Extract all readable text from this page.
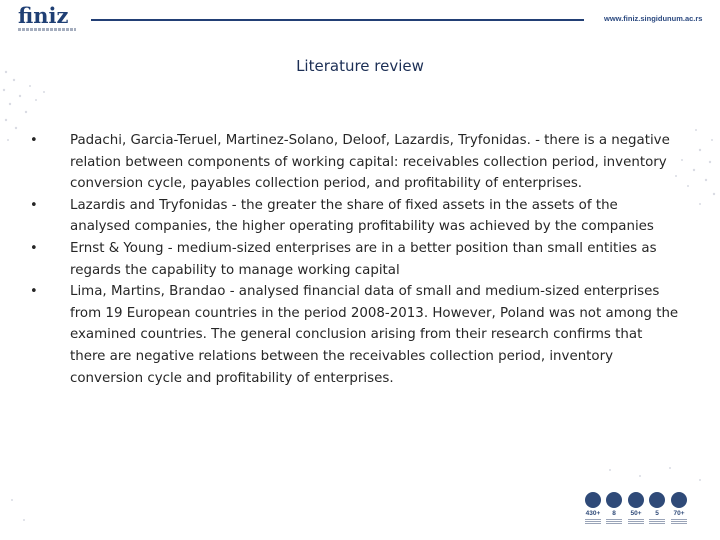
finiz	www.finiz.singidunum.ac.rs
Literature review
•	Padachi, Garcia-Teruel, Martinez-Solano, Deloof, Lazardis, Tryfonidas. - there is a negative relation between components of working capital: receivables collection period, inventory conversion cycle, payables collection period, and profitability of enterprises.
•	Lazardis and Tryfonidas - the greater the share of fixed assets in the assets of the analysed companies, the higher operating profitability was achieved by the companies
•	Ernst & Young - medium-sized enterprises are in a better position than small entities as regards the capability to manage working capital
•	Lima, Martins, Brandao - analysed financial data of small and medium-sized enterprises from 19 European countries in the period 2008-2013. However, Poland was not among the examined countries. The general conclusion arising from their research confirms that there are negative relations between the receivables collection period, inventory conversion cycle and profitability of enterprises.
430+	8	50+	5	70+
